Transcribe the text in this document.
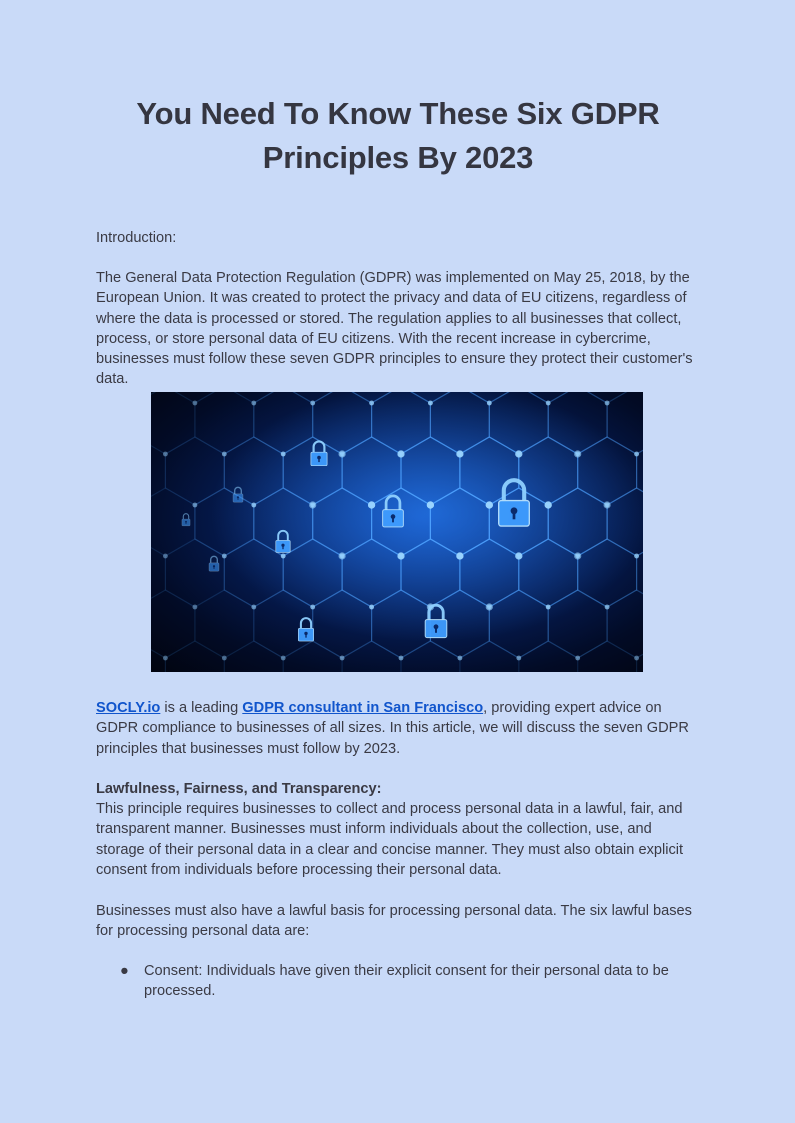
You Need To Know These Six GDPR Principles By 2023
Introduction:
The General Data Protection Regulation (GDPR) was implemented on May 25, 2018, by the European Union. It was created to protect the privacy and data of EU citizens, regardless of where the data is processed or stored. The regulation applies to all businesses that collect, process, or store personal data of EU citizens. With the recent increase in cybercrime, businesses must follow these seven GDPR principles to ensure they protect their customer's data.
SOCLY.io is a leading GDPR consultant in San Francisco, providing expert advice on GDPR compliance to businesses of all sizes. In this article, we will discuss the seven GDPR principles that businesses must follow by 2023.
Lawfulness, Fairness, and Transparency:
This principle requires businesses to collect and process personal data in a lawful, fair, and transparent manner. Businesses must inform individuals about the collection, use, and storage of their personal data in a clear and concise manner. They must also obtain explicit consent from individuals before processing their personal data.
Businesses must also have a lawful basis for processing personal data. The six lawful bases for processing personal data are:
● Consent: Individuals have given their explicit consent for their personal data to be processed.
